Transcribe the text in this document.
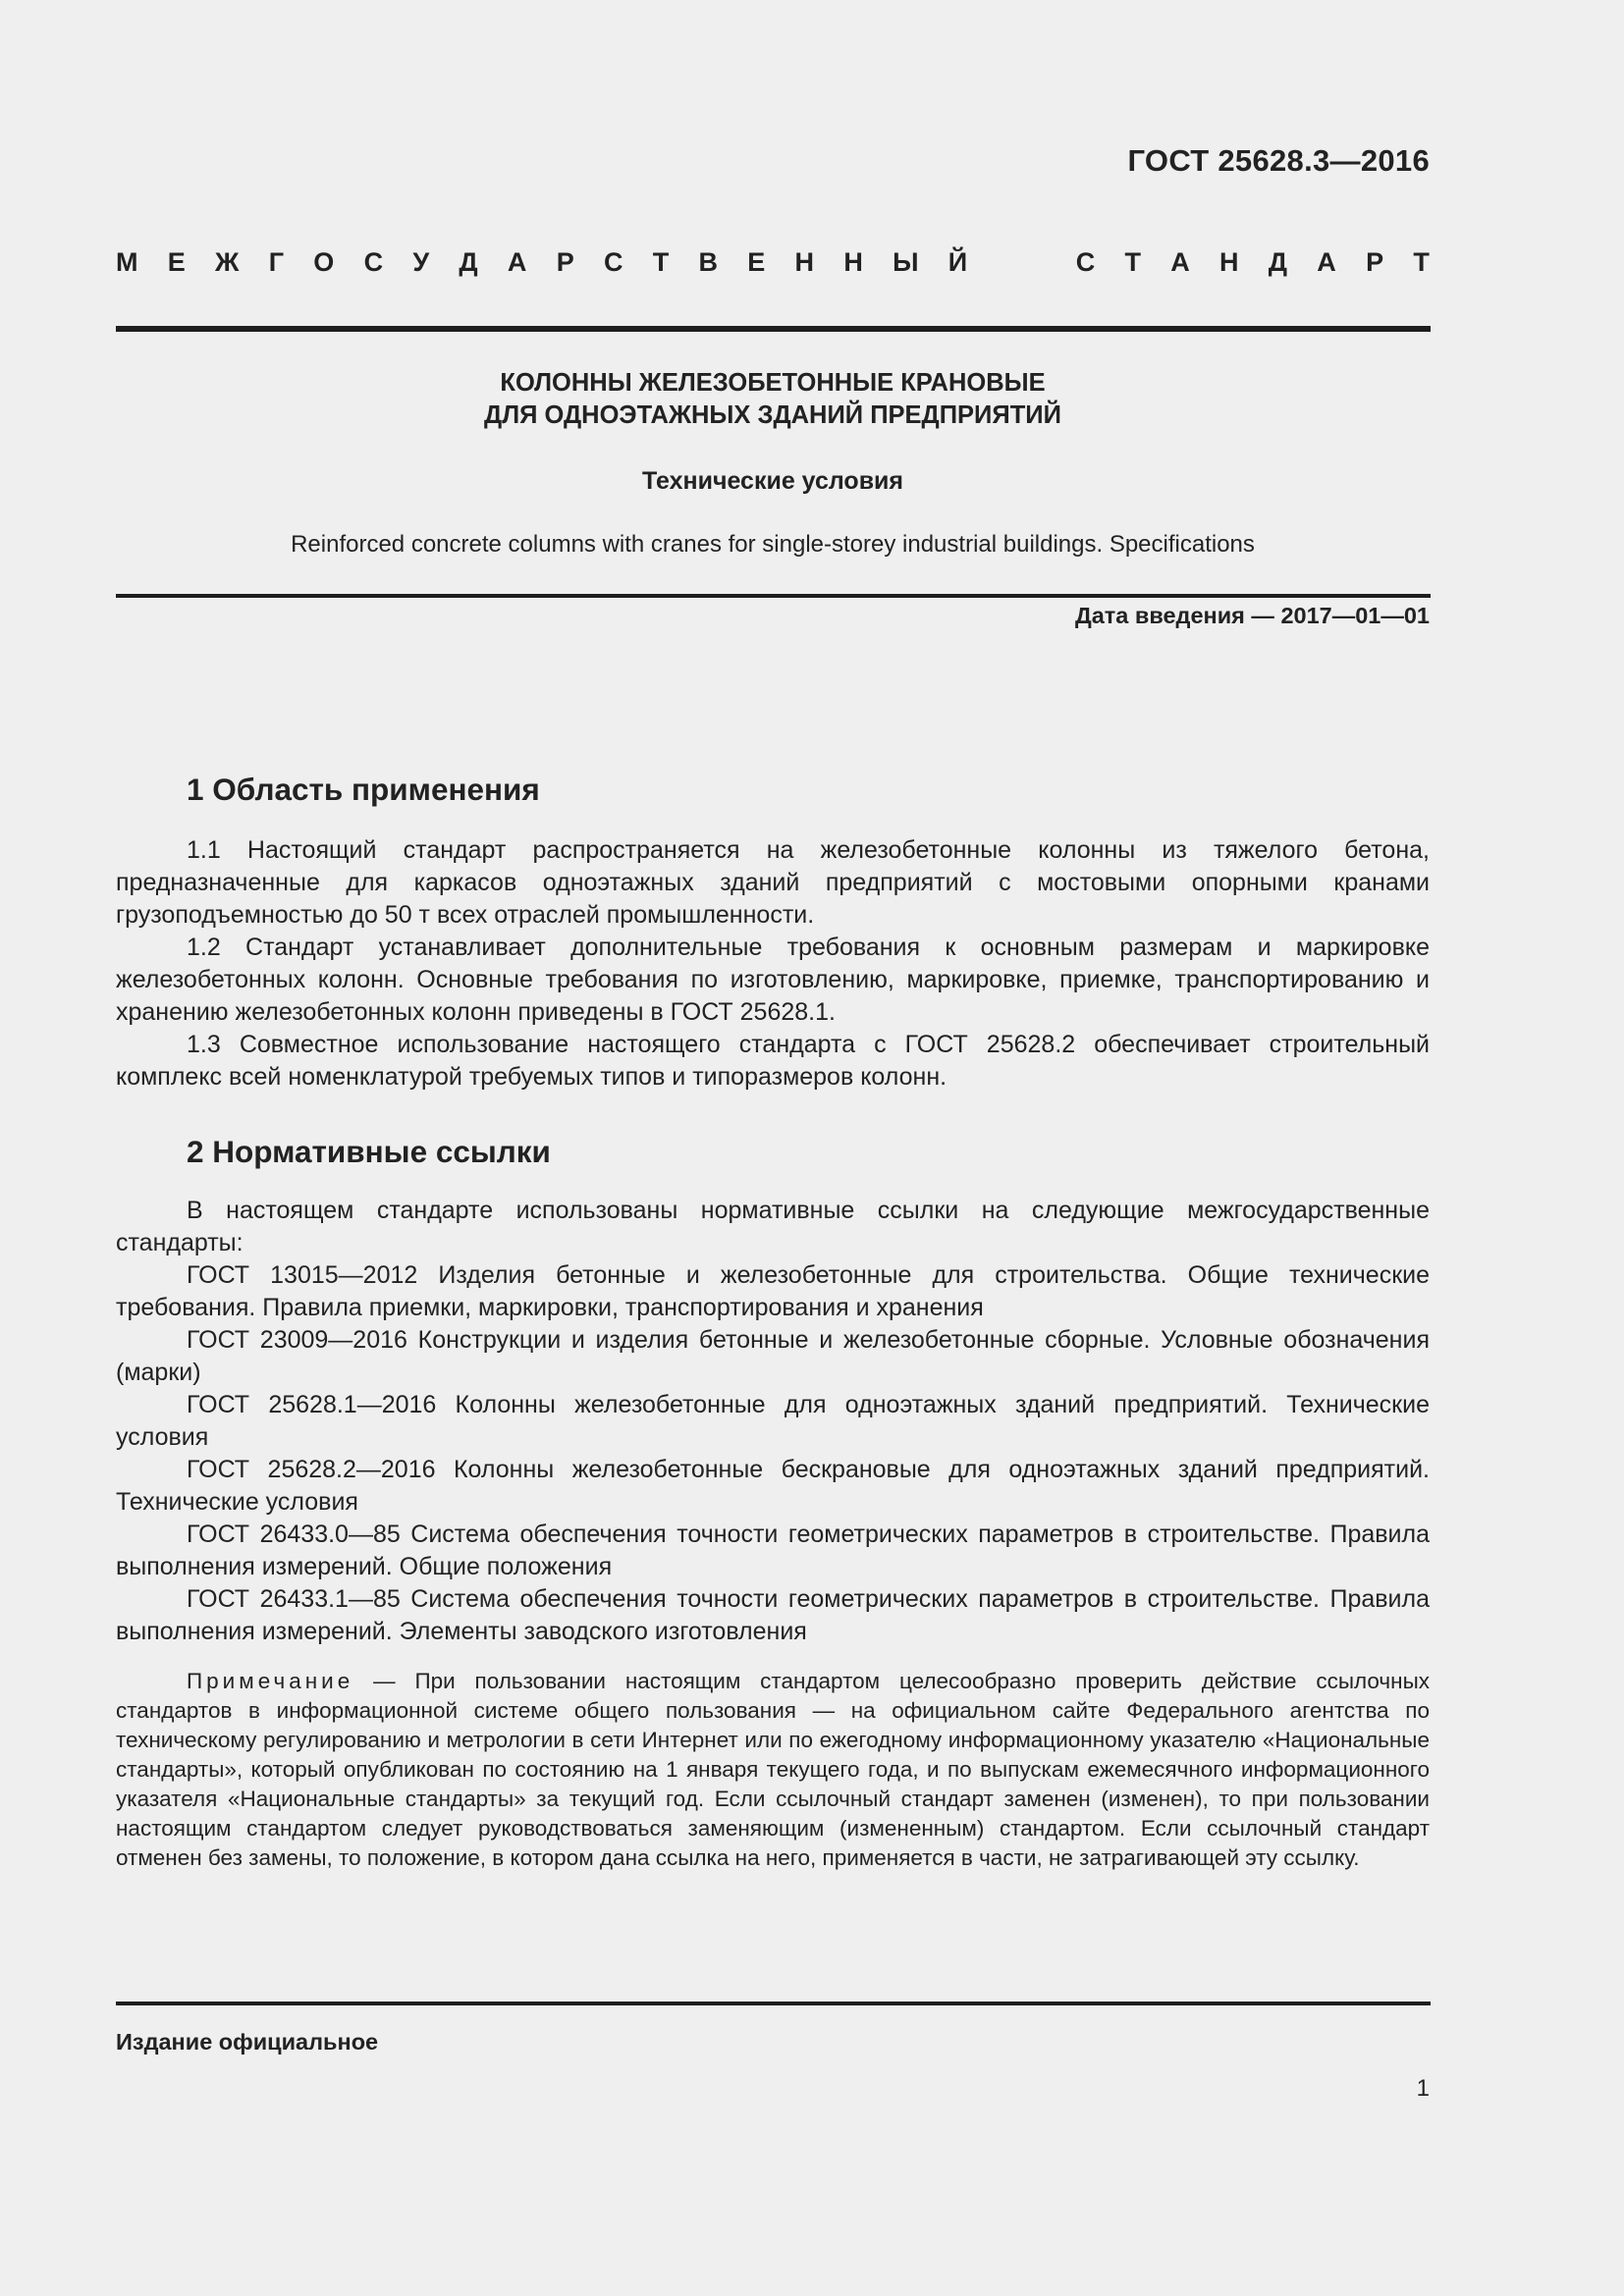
ГОСТ 25628.3—2016
М Е Ж Г О С У Д А Р С Т В Е Н Н Ы Й	С Т А Н Д А Р Т
КОЛОННЫ ЖЕЛЕЗОБЕТОННЫЕ КРАНОВЫЕ
ДЛЯ ОДНОЭТАЖНЫХ ЗДАНИЙ ПРЕДПРИЯТИЙ
Технические условия
Reinforced concrete columns with cranes for single-storey industrial buildings. Specifications
Дата введения — 2017—01—01
1 Область применения

1.1 Настоящий стандарт распространяется на железобетонные колонны из тяжелого бетона, предназначенные для каркасов одноэтажных зданий предприятий с мостовыми опорными кранами грузоподъемностью до 50 т всех отраслей промышленности.

1.2 Стандарт устанавливает дополнительные требования к основным размерам и маркировке железобетонных колонн. Основные требования по изготовлению, маркировке, приемке, транспортированию и хранению железобетонных колонн приведены в ГОСТ 25628.1.

1.3 Совместное использование настоящего стандарта с ГОСТ 25628.2 обеспечивает строительный комплекс всей номенклатурой требуемых типов и типоразмеров колонн.

2 Нормативные ссылки

В настоящем стандарте использованы нормативные ссылки на следующие межгосударственные стандарты:

ГОСТ 13015—2012 Изделия бетонные и железобетонные для строительства. Общие технические требования. Правила приемки, маркировки, транспортирования и хранения

ГОСТ 23009—2016 Конструкции и изделия бетонные и железобетонные сборные. Условные обозначения (марки)

ГОСТ 25628.1—2016 Колонны железобетонные для одноэтажных зданий предприятий. Технические условия

ГОСТ 25628.2—2016 Колонны железобетонные бескрановые для одноэтажных зданий предприятий. Технические условия

ГОСТ 26433.0—85 Система обеспечения точности геометрических параметров в строительстве. Правила выполнения измерений. Общие положения

ГОСТ 26433.1—85 Система обеспечения точности геометрических параметров в строительстве. Правила выполнения измерений. Элементы заводского изготовления

Примечание — При пользовании настоящим стандартом целесообразно проверить действие ссылочных стандартов в информационной системе общего пользования — на официальном сайте Федерального агентства по техническому регулированию и метрологии в сети Интернет или по ежегодному информационному указателю «Национальные стандарты», который опубликован по состоянию на 1 января текущего года, и по выпускам ежемесячного информационного указателя «Национальные стандарты» за текущий год. Если ссылочный стандарт заменен (изменен), то при пользовании настоящим стандартом следует руководствоваться заменяющим (измененным) стандартом. Если ссылочный стандарт отменен без замены, то положение, в котором дана ссылка на него, применяется в части, не затрагивающей эту ссылку.
Издание официальное
1
